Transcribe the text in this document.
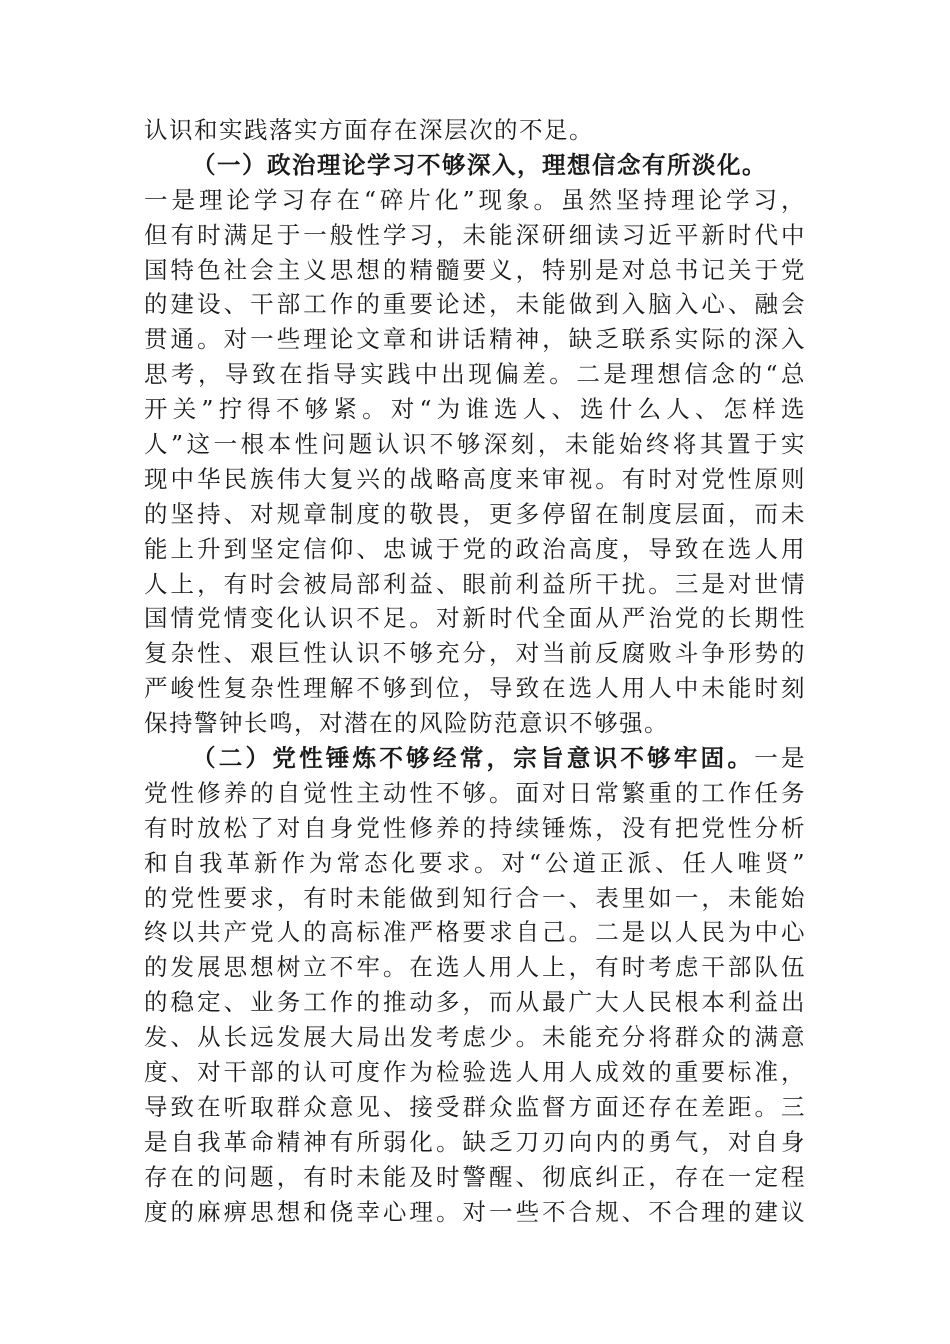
认识和实践落实方面存在深层次的不足。
（一）政治理论学习不够深入，理想信念有所淡化。
一是理论学习存在“碎片化”现象。虽然坚持理论学习，
但有时满足于一般性学习，未能深研细读习近平新时代中
国特色社会主义思想的精髓要义，特别是对总书记关于党
的建设、干部工作的重要论述，未能做到入脑入心、融会
贯通。对一些理论文章和讲话精神，缺乏联系实际的深入
思考，导致在指导实践中出现偏差。二是理想信念的“总
开关”拧得不够紧。对“为谁选人、选什么人、怎样选
人”这一根本性问题认识不够深刻，未能始终将其置于实
现中华民族伟大复兴的战略高度来审视。有时对党性原则
的坚持、对规章制度的敬畏，更多停留在制度层面，而未
能上升到坚定信仰、忠诚于党的政治高度，导致在选人用
人上，有时会被局部利益、眼前利益所干扰。三是对世情
国情党情变化认识不足。对新时代全面从严治党的长期性
复杂性、艰巨性认识不够充分，对当前反腐败斗争形势的
严峻性复杂性理解不够到位，导致在选人用人中未能时刻
保持警钟长鸣，对潜在的风险防范意识不够强。
（二）党性锤炼不够经常，宗旨意识不够牢固。一是
党性修养的自觉性主动性不够。面对日常繁重的工作任务
有时放松了对自身党性修养的持续锤炼，没有把党性分析
和自我革新作为常态化要求。对“公道正派、任人唯贤”
的党性要求，有时未能做到知行合一、表里如一，未能始
终以共产党人的高标准严格要求自己。二是以人民为中心
的发展思想树立不牢。在选人用人上，有时考虑干部队伍
的稳定、业务工作的推动多，而从最广大人民根本利益出
发、从长远发展大局出发考虑少。未能充分将群众的满意
度、对干部的认可度作为检验选人用人成效的重要标准，
导致在听取群众意见、接受群众监督方面还存在差距。三
是自我革命精神有所弱化。缺乏刀刃向内的勇气，对自身
存在的问题，有时未能及时警醒、彻底纠正，存在一定程
度的麻痹思想和侥幸心理。对一些不合规、不合理的建议
